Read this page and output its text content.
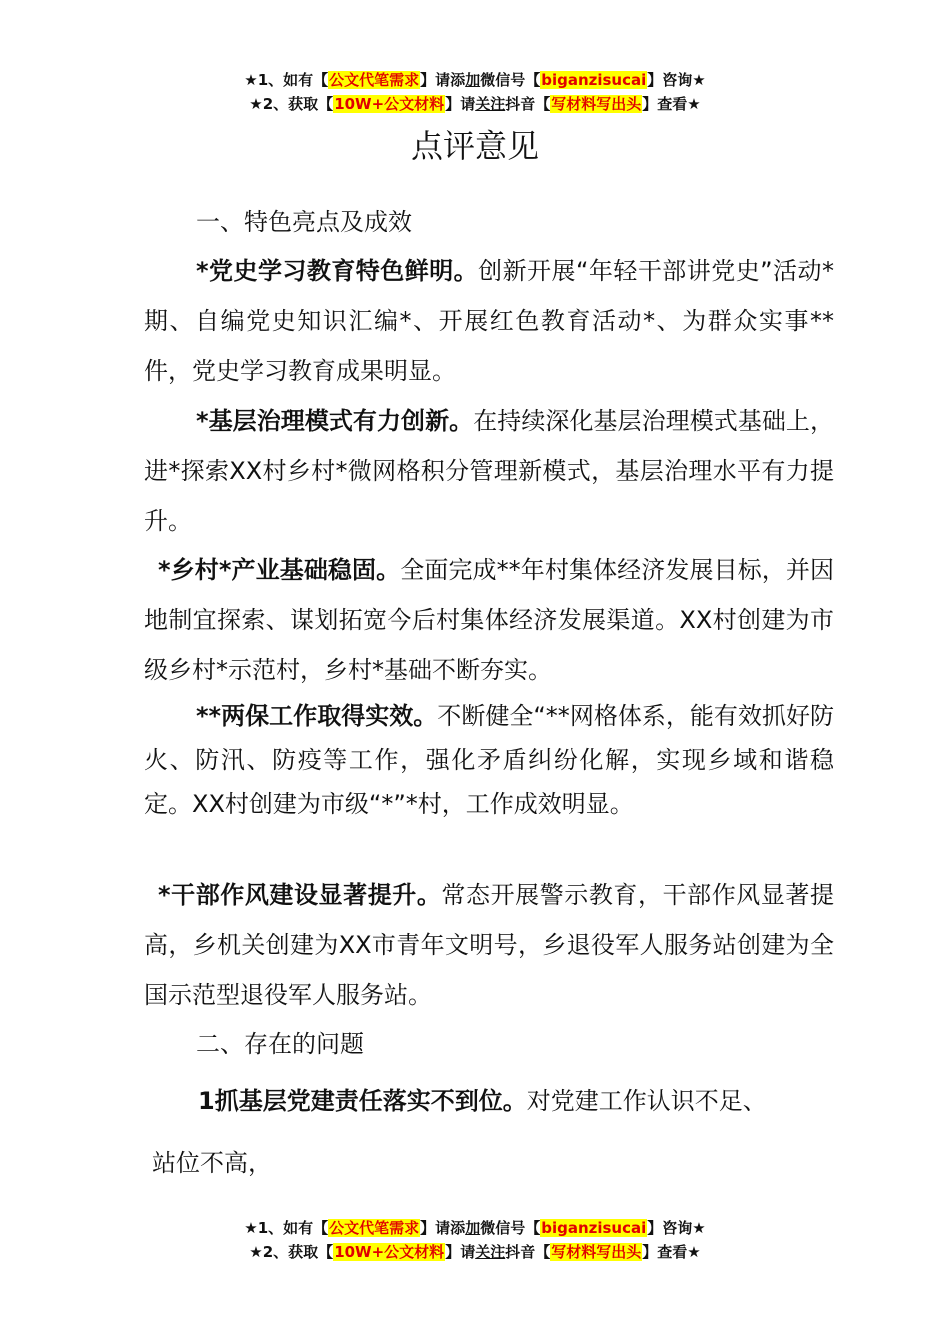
★1、如有【公文代笔需求】请添加微信号【biganzisucai】咨询★
★2、获取【10W+公文材料】请关注抖音【写材料写出头】查看★
点评意见

一、特色亮点及成效

*党史学习教育特色鲜明。创新开展“年轻干部讲党史”活动*期、自编党史知识汇编*、开展红色教育活动*、为群众实事**件，党史学习教育成果明显。

*基层治理模式有力创新。在持续深化基层治理模式基础上，进*探索XX村乡村*微网格积分管理新模式，基层治理水平有力提升。

*乡村*产业基础稳固。全面完成**年村集体经济发展目标，并因地制宜探索、谋划拓宽今后村集体经济发展渠道。XX村创建为市级乡村*示范村，乡村*基础不断夯实。

**两保工作取得实效。不断健全“**网格体系，能有效抓好防火、防汛、防疫等工作，强化矛盾纠纷化解，实现乡域和谐稳定。XX村创建为市级“*”*村，工作成效明显。

*干部作风建设显著提升。常态开展警示教育，干部作风显著提高，乡机关创建为XX市青年文明号，乡退役军人服务站创建为全国示范型退役军人服务站。

二、存在的问题

1抓基层党建责任落实不到位。对党建工作认识不足、

站位不高，

★1、如有【公文代笔需求】请添加微信号【biganzisucai】咨询★
★2、获取【10W+公文材料】请关注抖音【写材料写出头】查看★
